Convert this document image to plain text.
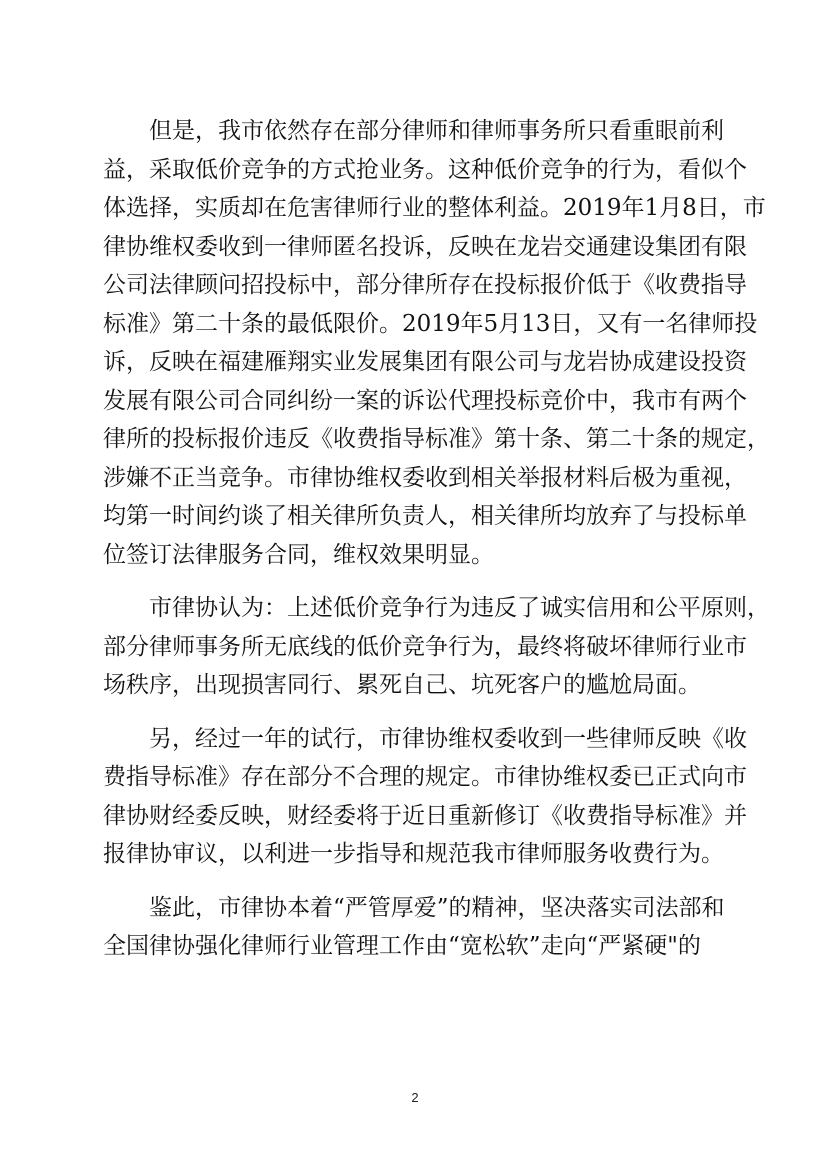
　　但是，我市依然存在部分律师和律师事务所只看重眼前利
益，采取低价竞争的方式抢业务。这种低价竞争的行为，看似个
体选择，实质却在危害律师行业的整体利益。2019年1月8日，市
律协维权委收到一律师匿名投诉，反映在龙岩交通建设集团有限
公司法律顾问招投标中，部分律所存在投标报价低于《收费指导
标准》第二十条的最低限价。2019年5月13日，又有一名律师投
诉，反映在福建雁翔实业发展集团有限公司与龙岩协成建设投资
发展有限公司合同纠纷一案的诉讼代理投标竞价中，我市有两个
律所的投标报价违反《收费指导标准》第十条、第二十条的规定，
涉嫌不正当竞争。市律协维权委收到相关举报材料后极为重视，
均第一时间约谈了相关律所负责人，相关律所均放弃了与投标单
位签订法律服务合同，维权效果明显。

　　市律协认为：上述低价竞争行为违反了诚实信用和公平原则，
部分律师事务所无底线的低价竞争行为，最终将破坏律师行业市
场秩序，出现损害同行、累死自己、坑死客户的尴尬局面。

　　另，经过一年的试行，市律协维权委收到一些律师反映《收
费指导标准》存在部分不合理的规定。市律协维权委已正式向市
律协财经委反映，财经委将于近日重新修订《收费指导标准》并
报律协审议，以利进一步指导和规范我市律师服务收费行为。

　　鉴此，市律协本着“严管厚爱”的精神，坚决落实司法部和
全国律协强化律师行业管理工作由“宽松软”走向“严紧硬"的

2
